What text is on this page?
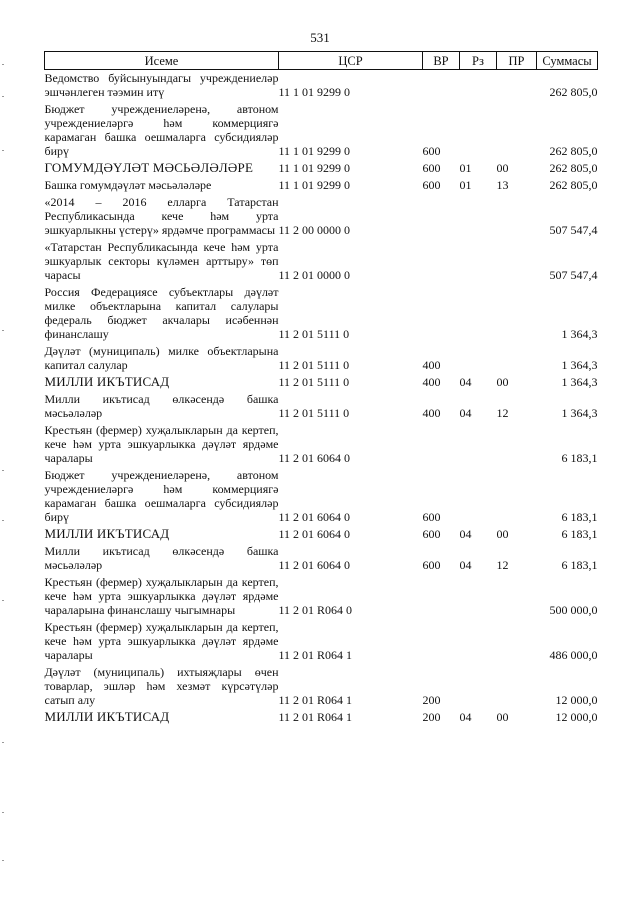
531
Исеме	ЦСР	ВР	Рз	ПР	Суммасы
Ведомство буйсынуындагы учреждениеләр эшчәнлеген тәэмин итү	11 1 01 9299 0				262 805,0
Бюджет учреждениеләренә, автоном учреждениеләргә һәм коммерциягә карамаган башка оешмаларга субсидияләр бирү	11 1 01 9299 0	600			262 805,0
ГОМУМДӘҮЛӘТ МӘСЬӘЛӘЛӘРЕ	11 1 01 9299 0	600	01	00	262 805,0
Башка гомумдәүләт мәсьәләләре	11 1 01 9299 0	600	01	13	262 805,0
«2014 – 2016 елларга Татарстан Республикасында кече һәм урта эшкуарлыкны үстерү» ярдәмче программасы	11 2 00 0000 0				507 547,4
«Татарстан Республикасында кече һәм урта эшкуарлык секторы күләмен арттыру» төп чарасы	11 2 01 0000 0				507 547,4
Россия Федерациясе субъектлары дәүләт милке объектларына капитал салулары федераль бюджет акчалары исәбеннән финанслашу	11 2 01 5111 0				1 364,3
Дәүләт (муниципаль) милке объектларына капитал салулар	11 2 01 5111 0	400			1 364,3
МИЛЛИ ИКЪТИСАД	11 2 01 5111 0	400	04	00	1 364,3
Милли икътисад өлкәсендә башка мәсьәләләр	11 2 01 5111 0	400	04	12	1 364,3
Крестьян (фермер) хуҗалыкларын да кертеп, кече һәм урта эшкуарлыкка дәүләт ярдәме чаралары	11 2 01 6064 0				6 183,1
Бюджет учреждениеләренә, автоном учреждениеләргә һәм коммерциягә карамаган башка оешмаларга субсидияләр бирү	11 2 01 6064 0	600			6 183,1
МИЛЛИ ИКЪТИСАД	11 2 01 6064 0	600	04	00	6 183,1
Милли икътисад өлкәсендә башка мәсьәләләр	11 2 01 6064 0	600	04	12	6 183,1
Крестьян (фермер) хуҗалыкларын да кертеп, кече һәм урта эшкуарлыкка дәүләт ярдәме чараларына финанслашу чыгымнары	11 2 01 R064 0				500 000,0
Крестьян (фермер) хуҗалыкларын да кертеп, кече һәм урта эшкуарлыкка дәүләт ярдәме чаралары	11 2 01 R064 1				486 000,0
Дәүләт (муниципаль) ихтыяҗлары өчен товарлар, эшләр һәм хезмәт күрсәтүләр сатып алу	11 2 01 R064 1	200			12 000,0
МИЛЛИ ИКЪТИСАД	11 2 01 R064 1	200	04	00	12 000,0
